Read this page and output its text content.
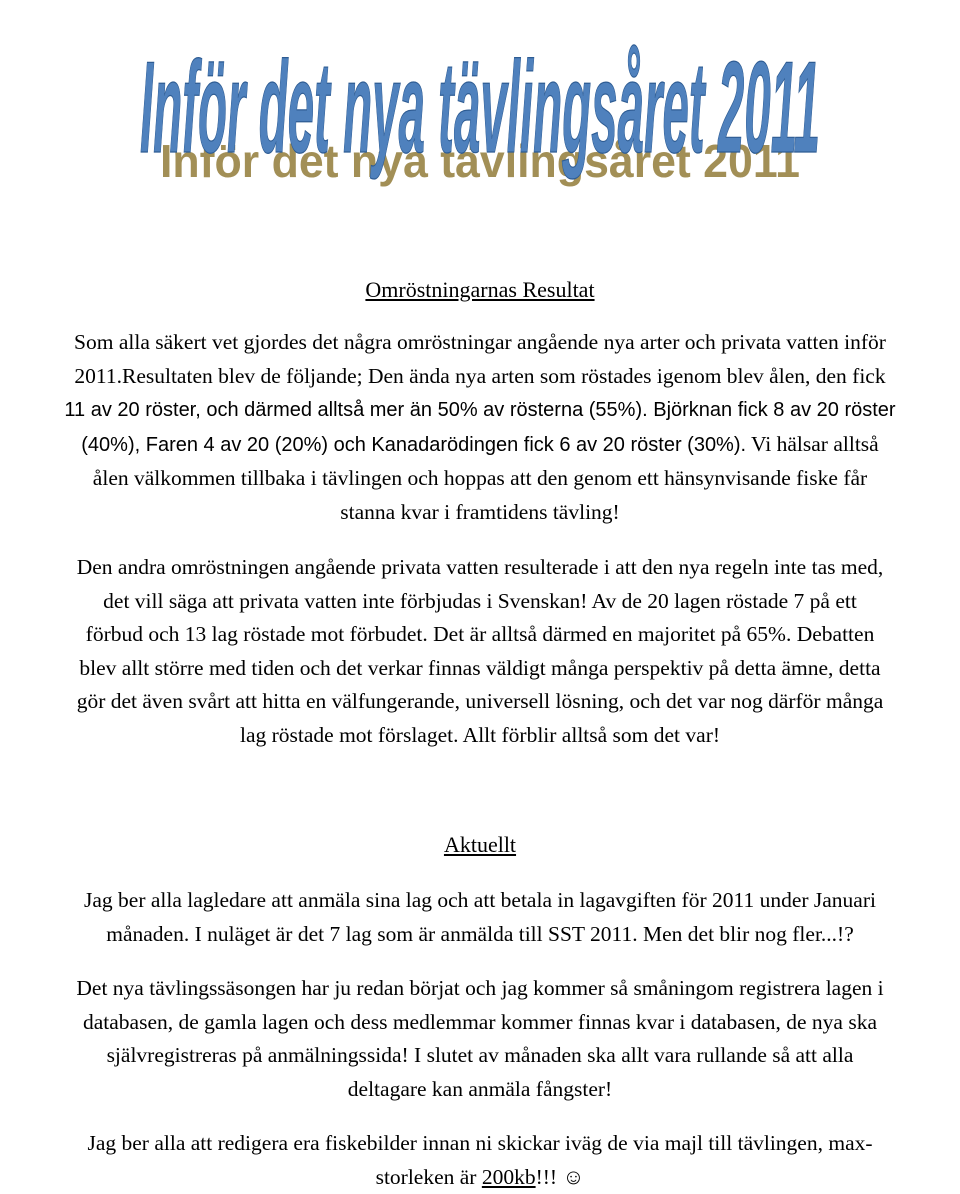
Inför det nya tävlingsåret 2011
Inför det nya tävlingsåret 2011
Omröstningarnas Resultat

Som alla säkert vet gjordes det några omröstningar angående nya arter och privata vatten inför
2011.Resultaten blev de följande; Den ända nya arten som röstades igenom blev ålen, den fick
11 av 20 röster, och därmed alltså mer än 50% av rösterna (55%). Björknan fick 8 av 20 röster
(40%), Faren 4 av 20 (20%) och Kanadarödingen fick 6 av 20 röster (30%). Vi hälsar alltså
ålen välkommen tillbaka i tävlingen och hoppas att den genom ett hänsynvisande fiske får
stanna kvar i framtidens tävling!

Den andra omröstningen angående privata vatten resulterade i att den nya regeln inte tas med,
det vill säga att privata vatten inte förbjudas i Svenskan! Av de 20 lagen röstade 7 på ett
förbud och 13 lag röstade mot förbudet. Det är alltså därmed en majoritet på 65%. Debatten
blev allt större med tiden och det verkar finnas väldigt många perspektiv på detta ämne, detta
gör det även svårt att hitta en välfungerande, universell lösning, och det var nog därför många
lag röstade mot förslaget. Allt förblir alltså som det var!

Aktuellt

Jag ber alla lagledare att anmäla sina lag och att betala in lagavgiften för 2011 under Januari
månaden. I nuläget är det 7 lag som är anmälda till SST 2011. Men det blir nog fler...!?

Det nya tävlingssäsongen har ju redan börjat och jag kommer så småningom registrera lagen i
databasen, de gamla lagen och dess medlemmar kommer finnas kvar i databasen, de nya ska
självregistreras på anmälningssida! I slutet av månaden ska allt vara rullande så att alla
deltagare kan anmäla fångster!

Jag ber alla att redigera era fiskebilder innan ni skickar iväg de via majl till tävlingen, max-
storleken är 200kb!!! ☺
